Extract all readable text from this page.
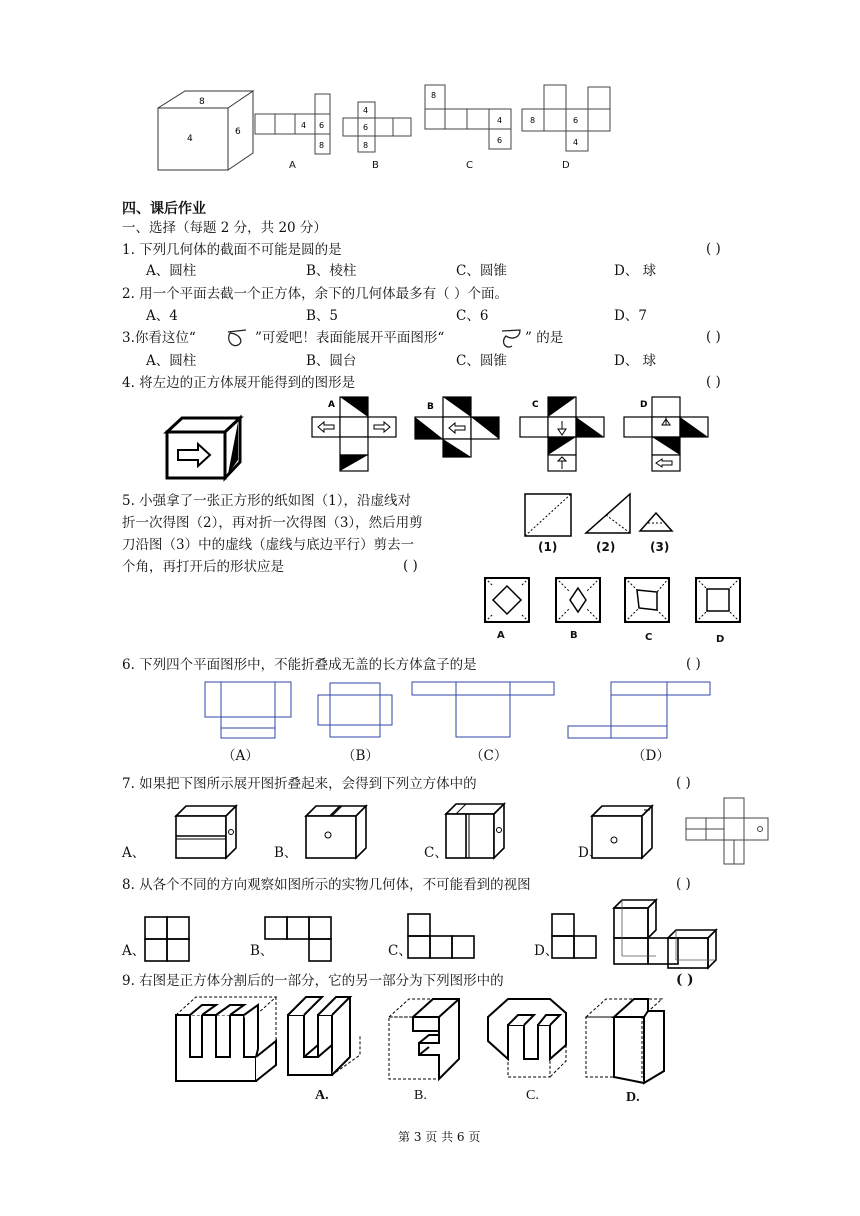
8
4
6
4 6
8
A
4
6
8
B
8
4
6
C
8	6
4
D
四、课后作业
一、选择（每题 2 分，共 20 分）
1. 下列几何体的截面不可能是圆的是	( )
A、圆柱	B、棱柱	C、圆锥	D、 球
2. 用一个平面去截一个正方体，余下的几何体最多有（ ）个面。
A、4	B、5	C、6	D、7
3.你看这位“	”可爱吧！表面能展开平面图形“	” 的是	( )
A、圆柱	B、圆台	C、圆锥	D、 球
4. 将左边的正方体展开能得到的图形是	( )
A	B	C	D
5. 小强拿了一张正方形的纸如图（1），沿虚线对
折一次得图（2），再对折一次得图（3），然后用剪
刀沿图（3）中的虚线（虚线与底边平行）剪去一
个角，再打开后的形状应是	( )
(1)	(2)	(3)
A	B	C	D
6. 下列四个平面图形中，不能折叠成无盖的长方体盒子的是	( )
（A）	（B）	（C）	（D）
7. 如果把下图所示展开图折叠起来，会得到下列立方体中的	( )
A、	B、	C、	D、
8. 从各个不同的方向观察如图所示的实物几何体，不可能看到的视图	( )
A、	B、	C、	D、
9. 右图是正方体分割后的一部分，它的另一部分为下列图形中的	( )
A.	B.	C.	D.
第 3 页 共 6 页
